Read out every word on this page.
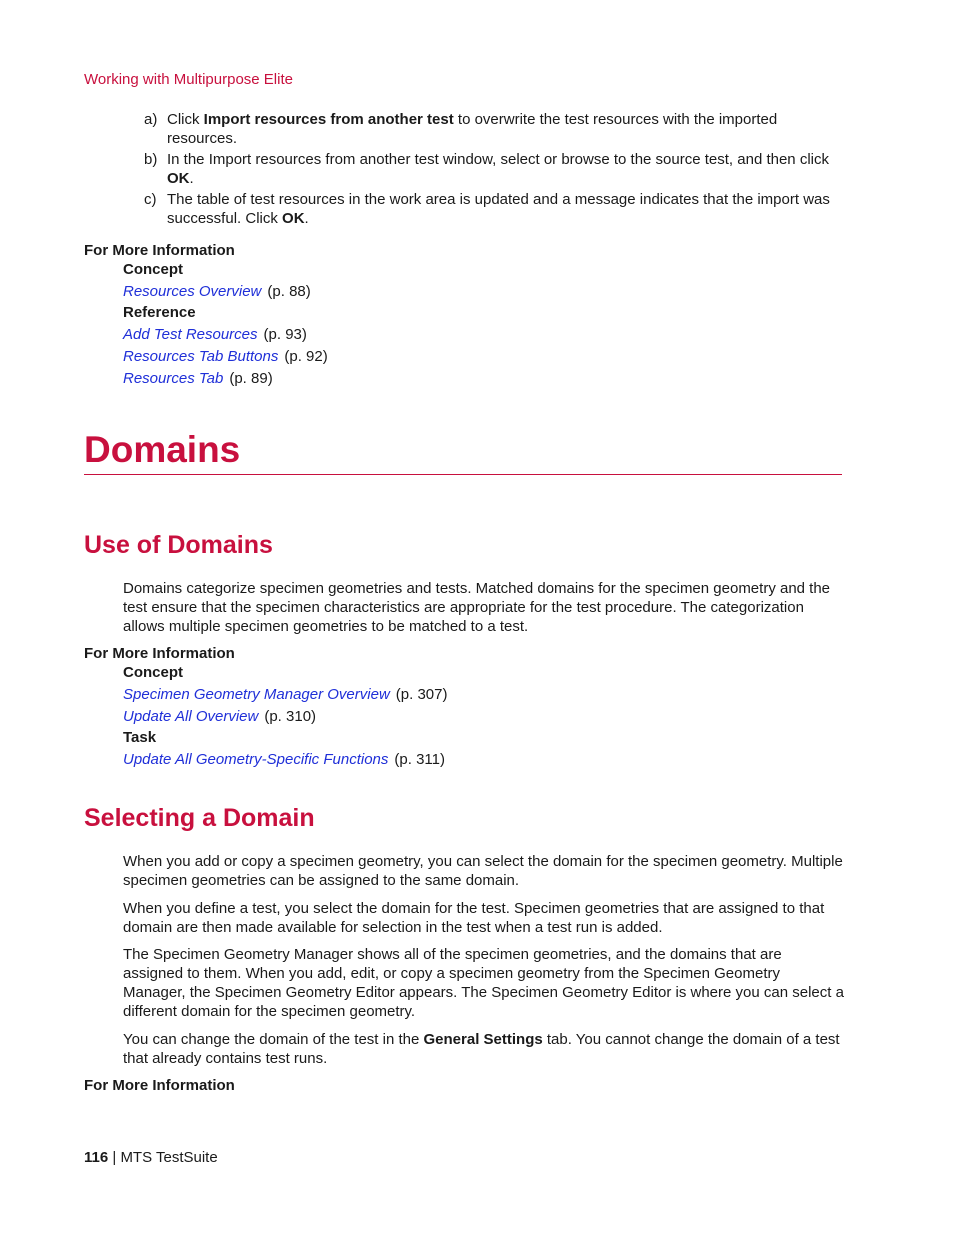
Working with Multipurpose Elite
a) Click Import resources from another test to overwrite the test resources with the imported resources.
b) In the Import resources from another test window, select or browse to the source test, and then click OK.
c) The table of test resources in the work area is updated and a message indicates that the import was successful. Click OK.
For More Information
Concept
Resources Overview (p. 88)
Reference
Add Test Resources (p. 93)
Resources Tab Buttons (p. 92)
Resources Tab (p. 89)
Domains
Use of Domains
Domains categorize specimen geometries and tests. Matched domains for the specimen geometry and the test ensure that the specimen characteristics are appropriate for the test procedure. The categorization allows multiple specimen geometries to be matched to a test.
For More Information
Concept
Specimen Geometry Manager Overview (p. 307)
Update All Overview (p. 310)
Task
Update All Geometry-Specific Functions (p. 311)
Selecting a Domain
When you add or copy a specimen geometry, you can select the domain for the specimen geometry. Multiple specimen geometries can be assigned to the same domain.
When you define a test, you select the domain for the test. Specimen geometries that are assigned to that domain are then made available for selection in the test when a test run is added.
The Specimen Geometry Manager shows all of the specimen geometries, and the domains that are assigned to them. When you add, edit, or copy a specimen geometry from the Specimen Geometry Manager, the Specimen Geometry Editor appears. The Specimen Geometry Editor is where you can select a different domain for the specimen geometry.
You can change the domain of the test in the General Settings tab. You cannot change the domain of a test that already contains test runs.
For More Information
116 | MTS TestSuite
